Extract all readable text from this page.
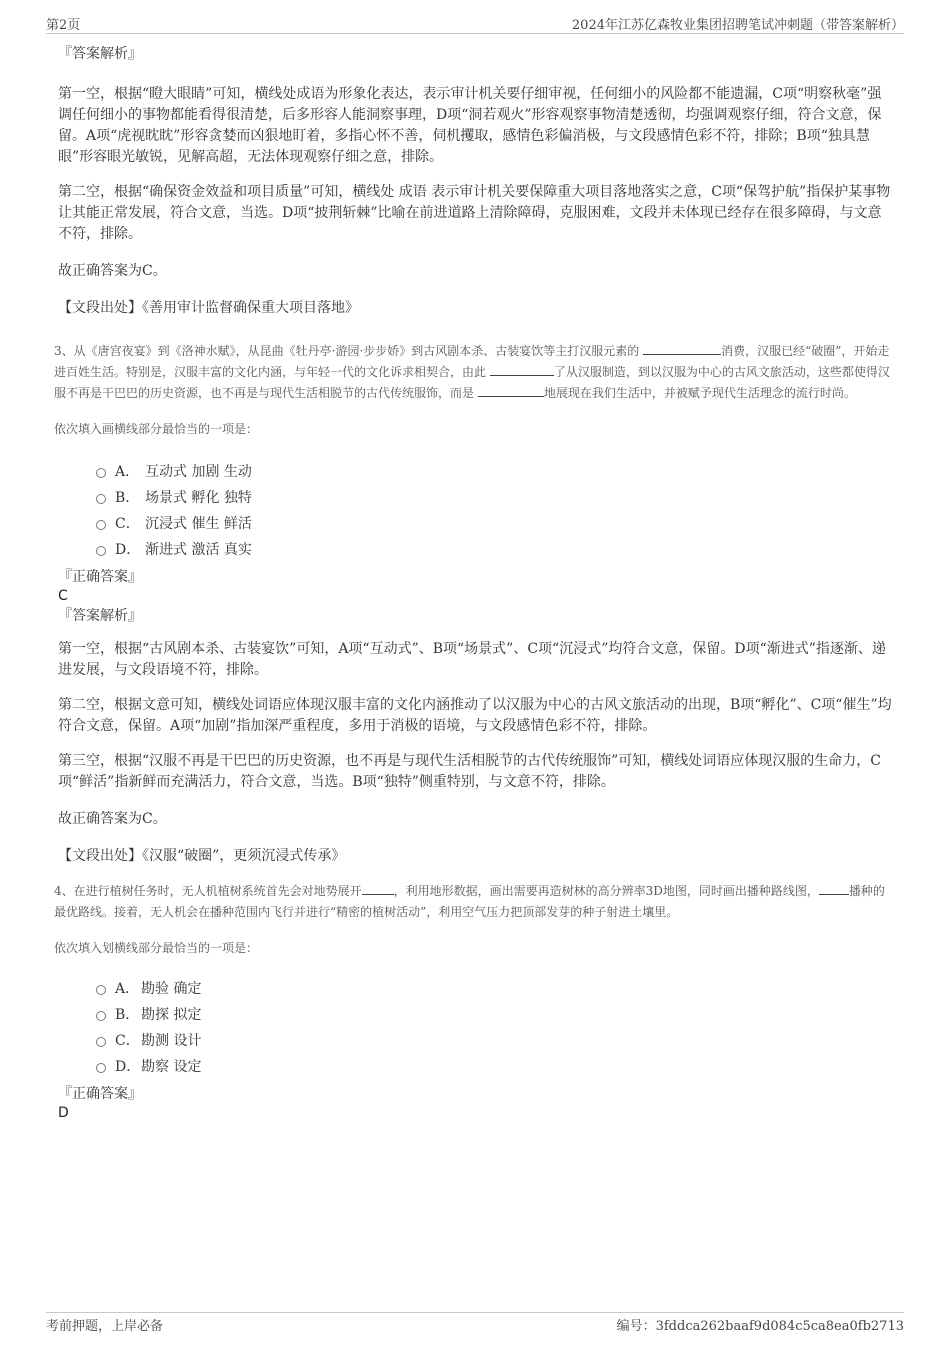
第2页	2024年江苏亿森牧业集团招聘笔试冲刺题（带答案解析）
『答案解析』

第一空，根据“瞪大眼睛”可知，横线处成语为形象化表达，表示审计机关要仔细审视，任何细小的风险都不能遗漏，C项“明察秋毫”强调任何细小的事物都能看得很清楚，后多形容人能洞察事理，D项“洞若观火”形容观察事物清楚透彻，均强调观察仔细，符合文意，保留。A项“虎视眈眈”形容贪婪而凶狠地盯着，多指心怀不善，伺机攫取，感情色彩偏消极，与文段感情色彩不符，排除；B项“独具慧眼”形容眼光敏锐，见解高超，无法体现观察仔细之意，排除。

第二空，根据“确保资金效益和项目质量”可知，横线处 成语 表示审计机关要保障重大项目落地落实之意，C项“保驾护航”指保护某事物让其能正常发展，符合文意，当选。D项“披荆斩棘”比喻在前进道路上清除障碍，克服困难，文段并未体现已经存在很多障碍，与文意不符，排除。

故正确答案为C。

【文段出处】《善用审计监督确保重大项目落地》

3、从《唐宫夜宴》到《洛神水赋》，从昆曲《牡丹亭·游园·步步娇》到古风剧本杀、古装宴饮等主打汉服元素的	消费，汉服已经“破圈”，开始走进百姓生活。特别是，汉服丰富的文化内涵，与年轻一代的文化诉求相契合，由此	了从汉服制造，到以汉服为中心的古风文旅活动，这些都使得汉服不再是干巴巴的历史资源，也不再是与现代生活相脱节的古代传统服饰，而是	地展现在我们生活中，并被赋予现代生活理念的流行时尚。
依次填入画横线部分最恰当的一项是：
A． 互动式 加剧 生动
B． 场景式 孵化 独特
C． 沉浸式 催生 鲜活
D． 渐进式 激活 真实
『正确答案』
C
『答案解析』

第一空，根据“古风剧本杀、古装宴饮”可知，A项“互动式”、B项“场景式”、C项“沉浸式”均符合文意，保留。D项“渐进式”指逐渐、递进发展，与文段语境不符，排除。

第二空，根据文意可知，横线处词语应体现汉服丰富的文化内涵推动了以汉服为中心的古风文旅活动的出现，B项“孵化”、C项“催生”均符合文意，保留。A项“加剧”指加深严重程度，多用于消极的语境，与文段感情色彩不符，排除。

第三空，根据“汉服不再是干巴巴的历史资源，也不再是与现代生活相脱节的古代传统服饰”可知，横线处词语应体现汉服的生命力，C项“鲜活”指新鲜而充满活力，符合文意，当选。B项“独特”侧重特别，与文意不符，排除。

故正确答案为C。

【文段出处】《汉服“破圈”，更须沉浸式传承》

4、在进行植树任务时，无人机植树系统首先会对地势展开	，利用地形数据，画出需要再造树林的高分辨率3D地图，同时画出播种路线图，	播种的最优路线。接着，无人机会在播种范围内飞行并进行“精密的植树活动”，利用空气压力把顶部发芽的种子射进土壤里。
依次填入划横线部分最恰当的一项是：
A． 勘验 确定
B． 勘探 拟定
C． 勘测 设计
D． 勘察 设定
『正确答案』
D
考前押题，上岸必备	编号：3fddca262baaf9d084c5ca8ea0fb2713
